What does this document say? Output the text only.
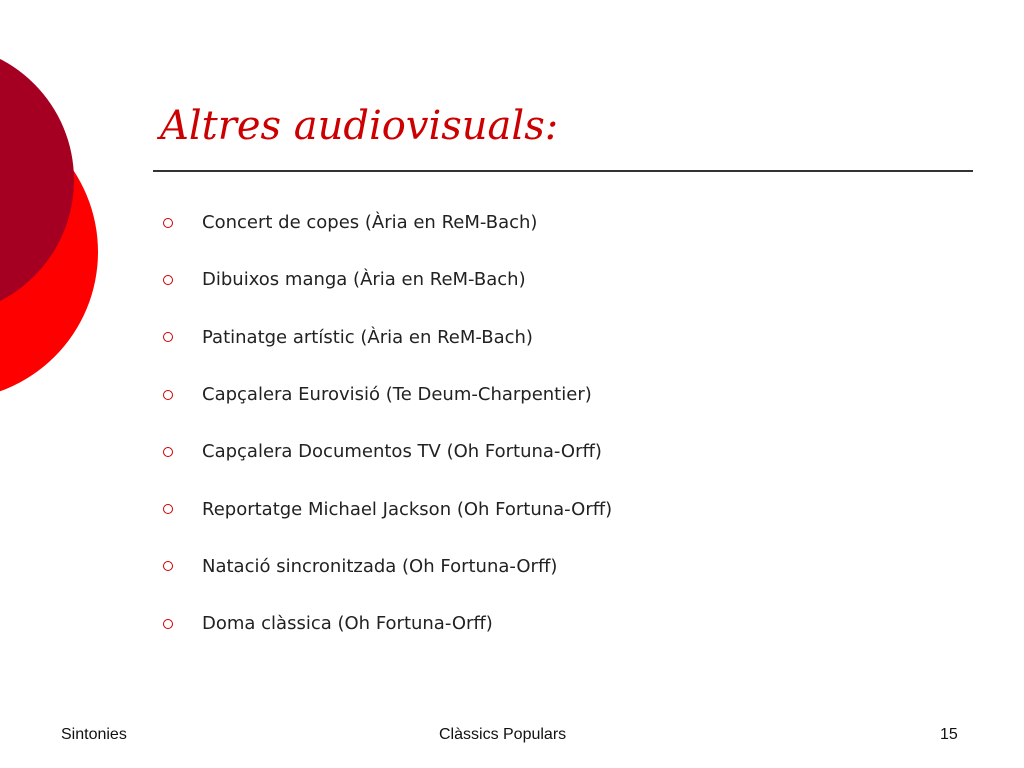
Altres audiovisuals:
Concert de copes (Ària en ReM-Bach)
Dibuixos manga (Ària en ReM-Bach)
Patinatge artístic (Ària en ReM-Bach)
Capçalera Eurovisió (Te Deum-Charpentier)
Capçalera Documentos TV (Oh Fortuna-Orff)
Reportatge Michael Jackson (Oh Fortuna-Orff)
Natació sincronitzada (Oh Fortuna-Orff)
Doma clàssica (Oh Fortuna-Orff)
Sintonies	Clàssics Populars	15
